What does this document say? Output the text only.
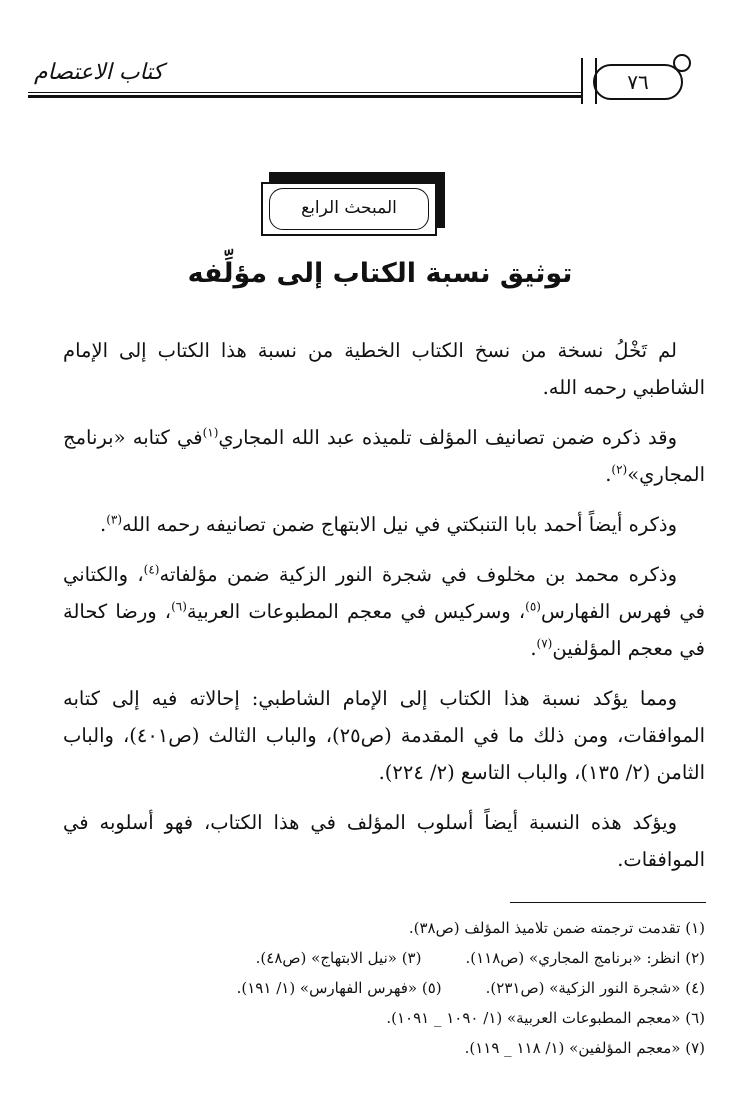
كتاب الاعتصام	٧٦
المبحث الرابع
توثيق نسبة الكتاب إلى مؤلِّفه

لم تَخْلُ نسخة من نسخ الكتاب الخطية من نسبة هذا الكتاب إلى الإمام الشاطبي رحمه الله.

وقد ذكره ضمن تصانيف المؤلف تلميذه عبد الله المجاري$^{(١)}$في كتابه «برنامج المجاري»$^{(٢)}$.

وذكره أيضاً أحمد بابا التنبكتي في نيل الابتهاج ضمن تصانيفه رحمه الله$^{(٣)}$.

وذكره محمد بن مخلوف في شجرة النور الزكية ضمن مؤلفاته$^{(٤)}$، والكتاني في فهرس الفهارس$^{(٥)}$، وسركيس في معجم المطبوعات العربية$^{(٦)}$، ورضا كحالة في معجم المؤلفين$^{(٧)}$.

ومما يؤكد نسبة هذا الكتاب إلى الإمام الشاطبي: إحالاته فيه إلى كتابه الموافقات، ومن ذلك ما في المقدمة (ص٢٥)، والباب الثالث (ص٤٠١)، والباب الثامن (٢/ ١٣٥)، والباب التاسع (٢/ ٢٢٤).

ويؤكد هذه النسبة أيضاً أسلوب المؤلف في هذا الكتاب، فهو أسلوبه في الموافقات.

(١) تقدمت ترجمته ضمن تلاميذ المؤلف (ص٣٨).
(٢) انظر: «برنامج المجاري» (ص١١٨).(٣) «نيل الابتهاج» (ص٤٨).
(٤) «شجرة النور الزكية» (ص٢٣١).(٥) «فهرس الفهارس» (١/ ١٩١).
(٦) «معجم المطبوعات العربية» (١/ ١٠٩٠ _ ١٠٩١).
(٧) «معجم المؤلفين» (١/ ١١٨ _ ١١٩).
